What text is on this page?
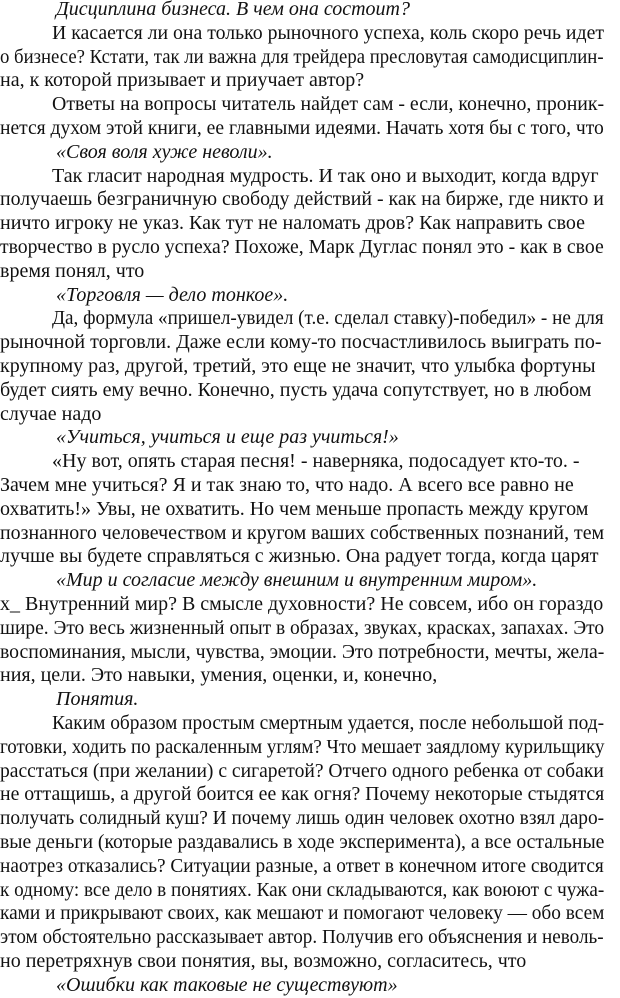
Дисциплина бизнеса. В чем она состоит?
И касается ли она только рыночного успеха, коль скоро речь идет
о бизнесе? Кстати, так ли важна для трейдера пресловутая самодисциплин-
на, к которой призывает и приучает автор?
Ответы на вопросы читатель найдет сам - если, конечно, проник-
нется духом этой книги, ее главными идеями. Начать хотя бы с того, что
«Своя воля хуже неволи».
Так гласит народная мудрость. И так оно и выходит, когда вдруг
получаешь безграничную свободу действий - как на бирже, где никто и
ничто игроку не указ. Как тут не наломать дров? Как направить свое
творчество в русло успеха? Похоже, Марк Дуглас понял это - как в свое
время понял, что
«Торговля — дело тонкое».
Да, формула «пришел-увидел (т.е. сделал ставку)-победил» - не для
рыночной торговли. Даже если кому-то посчастливилось выиграть по-
крупному раз, другой, третий, это еще не значит, что улыбка фортуны
будет сиять ему вечно. Конечно, пусть удача сопутствует, но в любом
случае надо
«Учиться, учиться и еще раз учиться!»
«Ну вот, опять старая песня! - наверняка, подосадует кто-то. -
Зачем мне учиться? Я и так знаю то, что надо. А всего все равно не
охватить!» Увы, не охватить. Но чем меньше пропасть между кругом
познанного человечеством и кругом ваших собственных познаний, тем
лучше вы будете справляться с жизнью. Она радует тогда, когда царят
«Мир и согласие между внешним и внутренним миром».
x_ Внутренний мир? В смысле духовности? Не совсем, ибо он гораздо
шире. Это весь жизненный опыт в образах, звуках, красках, запахах. Это
воспоминания, мысли, чувства, эмоции. Это потребности, мечты, жела-
ния, цели. Это навыки, умения, оценки, и, конечно,
Понятия.
Каким образом простым смертным удается, после небольшой под-
готовки, ходить по раскаленным углям? Что мешает заядлому курильщику
расстаться (при желании) с сигаретой? Отчего одного ребенка от собаки
не оттащишь, а другой боится ее как огня? Почему некоторые стыдятся
получать солидный куш? И почему лишь один человек охотно взял даро-
вые деньги (которые раздавались в ходе эксперимента), а все остальные
наотрез отказались? Ситуации разные, а ответ в конечном итоге сводится
к одному: все дело в понятиях. Как они складываются, как воюют с чужа-
ками и прикрывают своих, как мешают и помогают человеку — обо всем
этом обстоятельно рассказывает автор. Получив его объяснения и неволь-
но перетряхнув свои понятия, вы, возможно, согласитесь, что
«Ошибки как таковые не существуют»
